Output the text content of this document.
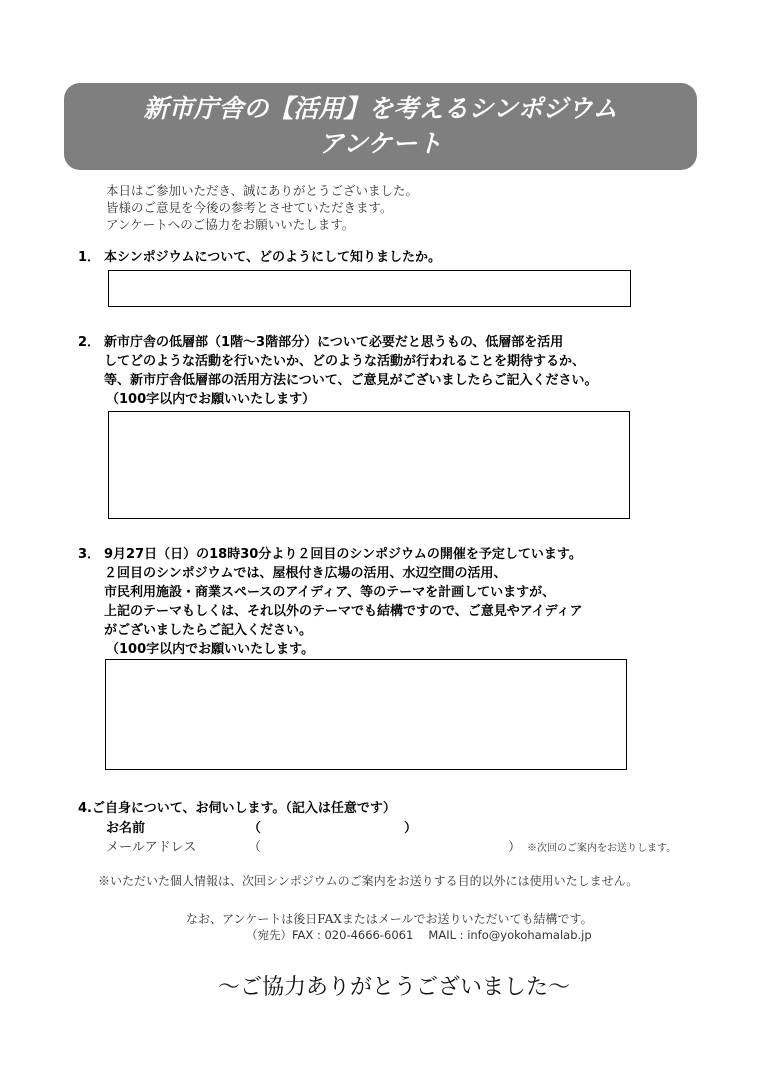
新市庁舎の【活用】を考えるシンポジウム
アンケート
本日はご参加いただき、誠にありがとうございました。
皆様のご意見を今後の参考とさせていただきます。
アンケートへのご協力をお願いいたします。
1． 本シンポジウムについて、どのようにして知りましたか。
2． 新市庁舎の低層部（1階～3階部分）について必要だと思うもの、低層部を活用
してどのような活動を行いたいか、どのような活動が行われることを期待するか、
等、新市庁舎低層部の活用方法について、ご意見がございましたらご記入ください。
（100字以内でお願いいたします）
3． 9月27日（日）の18時30分より２回目のシンポジウムの開催を予定しています。
２回目のシンポジウムでは、屋根付き広場の活用、水辺空間の活用、
市民利用施設・商業スペースのアイディア、等のテーマを計画していますが、
上記のテーマもしくは、それ以外のテーマでも結構ですので、ご意見やアイディア
がございましたらご記入ください。
（100字以内でお願いいたします。
4.ご自身について、お伺いします。（記入は任意です）
お名前	（	）
メールアドレス	（	） ※次回のご案内をお送りします。
※いただいた個人情報は、次回シンポジウムのご案内をお送りする目的以外には使用いたしません。
なお、アンケートは後日FAXまたはメールでお送りいただいても結構です。
（宛先）FAX : 020-4666-6061　 MAIL : info@yokohamalab.jp
～ご協力ありがとうございました～
